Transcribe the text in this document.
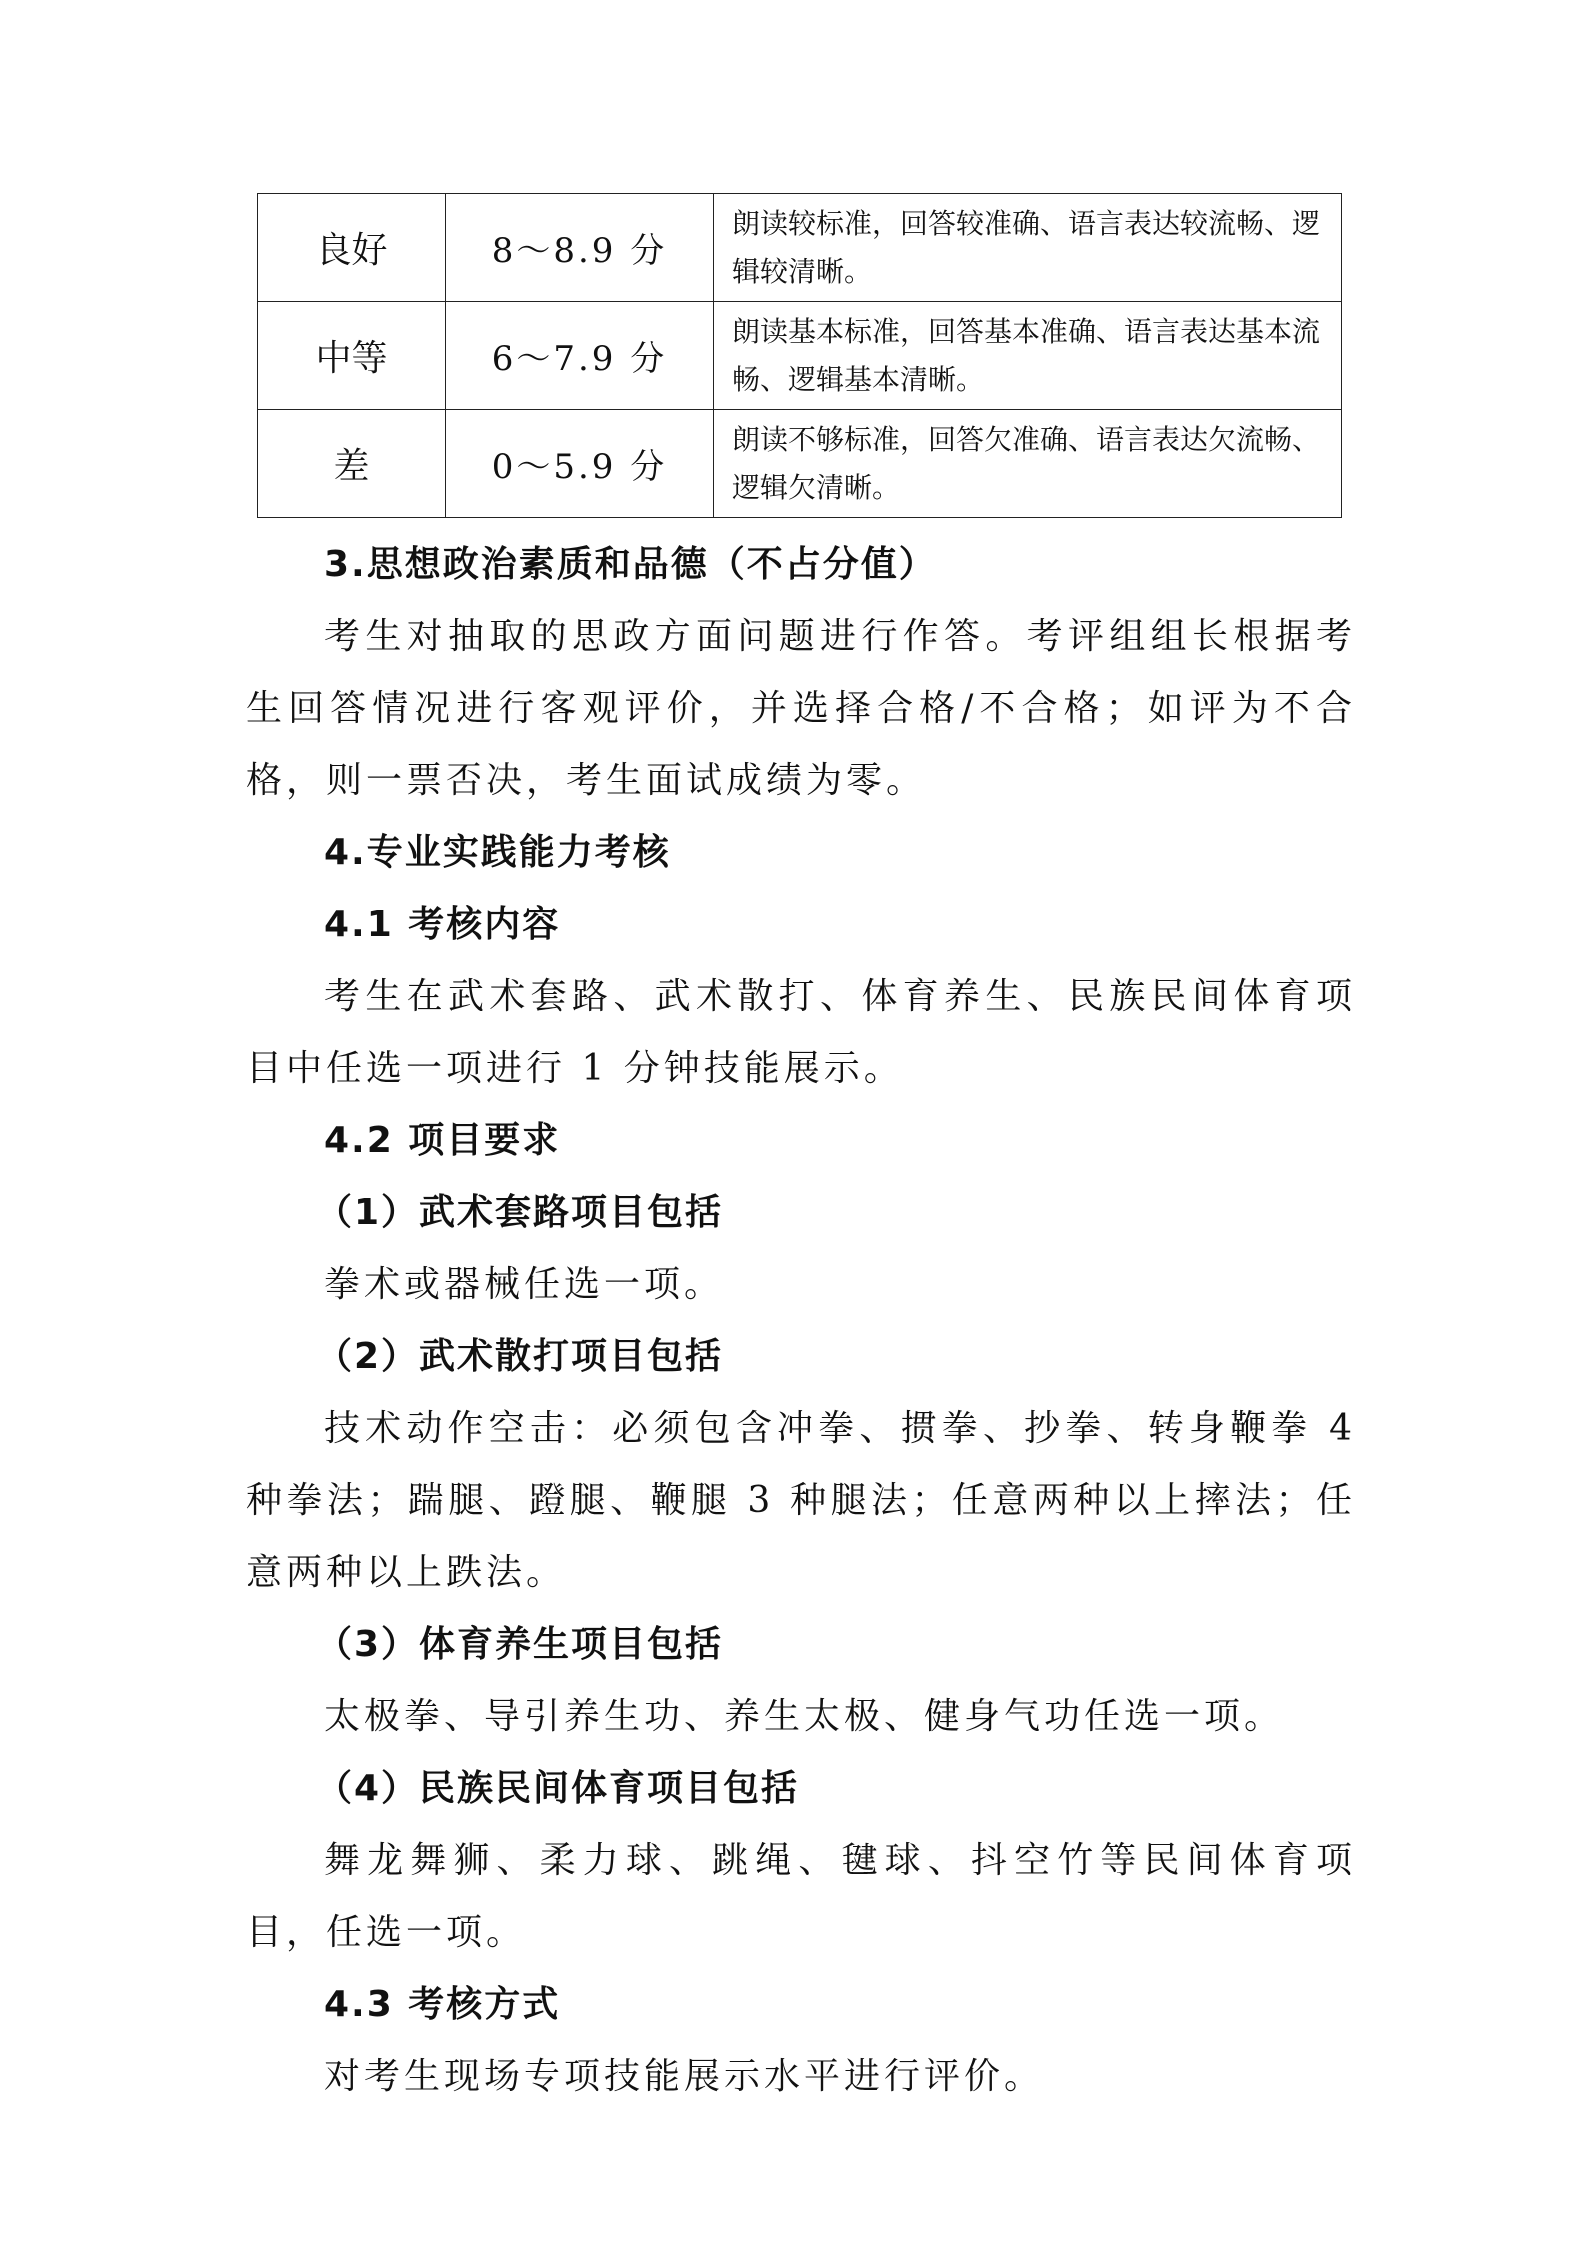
良好	8～8.9 分	朗读较标准，回答较准确、语言表达较流畅、逻辑较清晰。
中等	6～7.9 分	朗读基本标准，回答基本准确、语言表达基本流畅、逻辑基本清晰。
差	0～5.9 分	朗读不够标准，回答欠准确、语言表达欠流畅、逻辑欠清晰。

3.思想政治素质和品德（不占分值）

考生对抽取的思政方面问题进行作答。考评组组长根据考生回答情况进行客观评价，并选择合格/不合格；如评为不合格，则一票否决，考生面试成绩为零。

4.专业实践能力考核

4.1 考核内容

考生在武术套路、武术散打、体育养生、民族民间体育项目中任选一项进行 1 分钟技能展示。

4.2 项目要求

（1）武术套路项目包括

拳术或器械任选一项。

（2）武术散打项目包括

技术动作空击：必须包含冲拳、掼拳、抄拳、转身鞭拳 4 种拳法；踹腿、蹬腿、鞭腿 3 种腿法；任意两种以上摔法；任意两种以上跌法。

（3）体育养生项目包括

太极拳、导引养生功、养生太极、健身气功任选一项。

（4）民族民间体育项目包括

舞龙舞狮、柔力球、跳绳、毽球、抖空竹等民间体育项目，任选一项。

4.3 考核方式

对考生现场专项技能展示水平进行评价。
